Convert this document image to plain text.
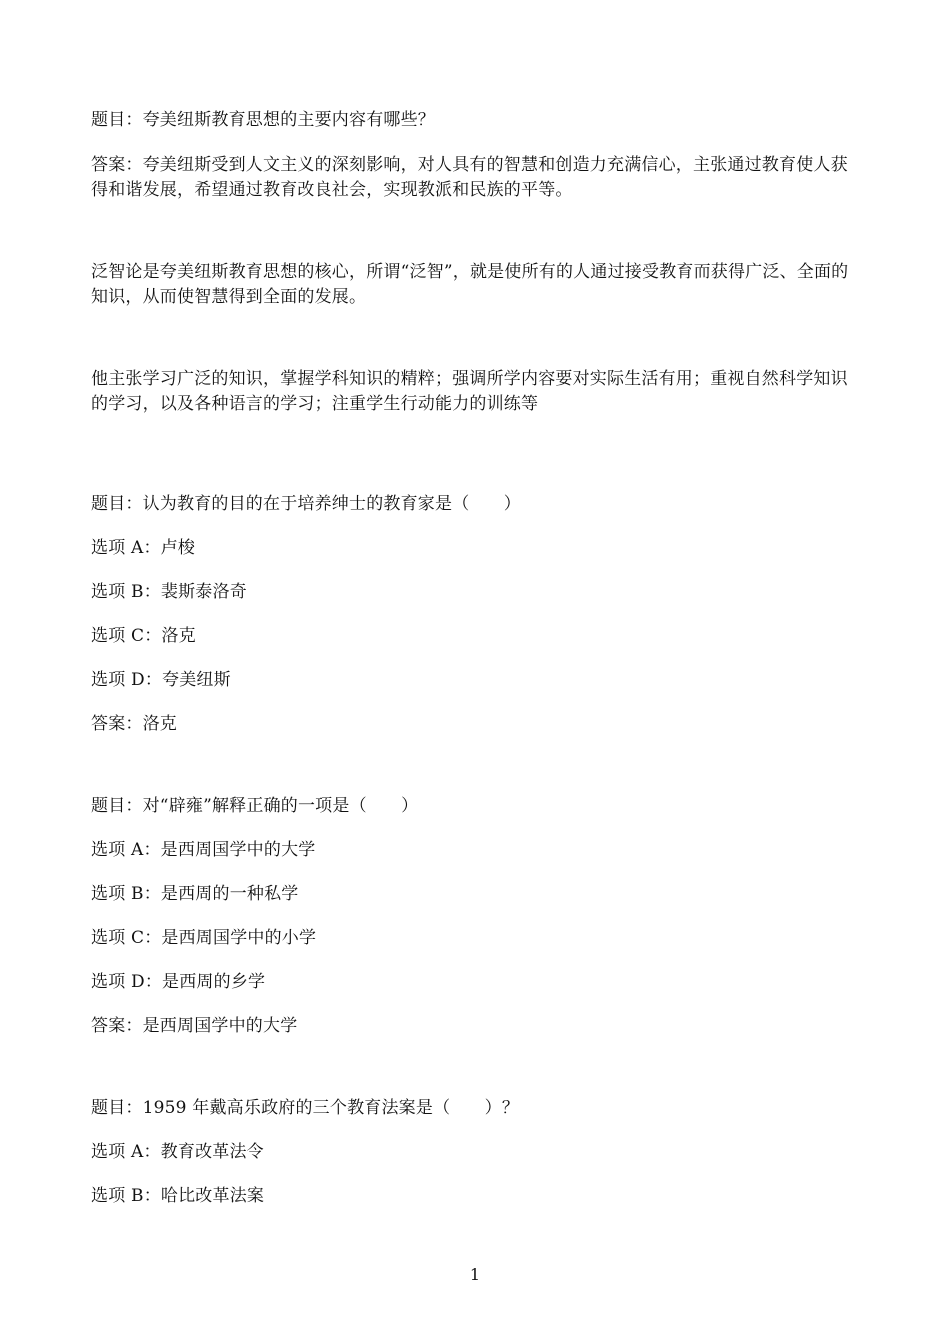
题目：夸美纽斯教育思想的主要内容有哪些？
答案：夸美纽斯受到人文主义的深刻影响，对人具有的智慧和创造力充满信心，主张通过教育使人获得和谐发展，希望通过教育改良社会，实现教派和民族的平等。
泛智论是夸美纽斯教育思想的核心，所谓“泛智”，就是使所有的人通过接受教育而获得广泛、全面的知识，从而使智慧得到全面的发展。
他主张学习广泛的知识，掌握学科知识的精粹；强调所学内容要对实际生活有用；重视自然科学知识的学习，以及各种语言的学习；注重学生行动能力的训练等
题目：认为教育的目的在于培养绅士的教育家是（　　）
选项 A：卢梭
选项 B：裴斯泰洛奇
选项 C：洛克
选项 D：夸美纽斯
答案：洛克
题目：对“辟雍”解释正确的一项是（　　）
选项 A：是西周国学中的大学
选项 B：是西周的一种私学
选项 C：是西周国学中的小学
选项 D：是西周的乡学
答案：是西周国学中的大学
题目：1959 年戴高乐政府的三个教育法案是（　　）？
选项 A：教育改革法令
选项 B：哈比改革法案
1
